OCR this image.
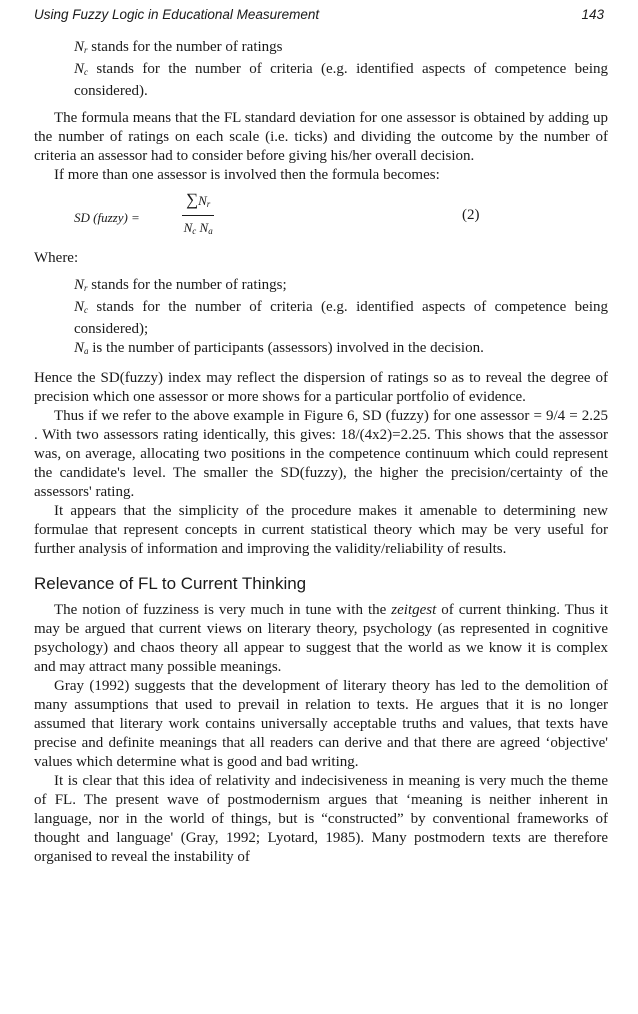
Using Fuzzy Logic in Educational Measurement	143
$N_r$ stands for the number of ratings
$N_c$ stands for the number of criteria (e.g. identified aspects of competence being considered).

The formula means that the FL standard deviation for one assessor is obtained by adding up the number of ratings on each scale (i.e. ticks) and dividing the outcome by the number of criteria an assessor had to consider before giving his/her overall decision.

If more than one assessor is involved then the formula becomes:

SD (fuzzy) = $\frac{\sum N_r}{N_c N_a}$	(2)

Where:

$N_r$ stands for the number of ratings;
$N_c$ stands for the number of criteria (e.g. identified aspects of competence being considered);
$N_a$ is the number of participants (assessors) involved in the decision.

Hence the SD(fuzzy) index may reflect the dispersion of ratings so as to reveal the degree of precision which one assessor or more shows for a particular portfolio of evidence.

Thus if we refer to the above example in Figure 6, SD (fuzzy) for one assessor = 9/4 = 2.25 . With two assessors rating identically, this gives: 18/(4x2)=2.25. This shows that the assessor was, on average, allocating two positions in the competence continuum which could represent the candidate's level. The smaller the SD(fuzzy), the higher the precision/certainty of the assessors' rating.

It appears that the simplicity of the procedure makes it amenable to determining new formulae that represent concepts in current statistical theory which may be very useful for further analysis of information and improving the validity/reliability of results.

Relevance of FL to Current Thinking

The notion of fuzziness is very much in tune with the zeitgest of current thinking. Thus it may be argued that current views on literary theory, psychology (as represented in cognitive psychology) and chaos theory all appear to suggest that the world as we know it is complex and may attract many possible meanings.

Gray (1992) suggests that the development of literary theory has led to the demolition of many assumptions that used to prevail in relation to texts. He argues that it is no longer assumed that literary work contains universally acceptable truths and values, that texts have precise and definite meanings that all readers can derive and that there are agreed ‘objective' values which determine what is good and bad writing.

It is clear that this idea of relativity and indecisiveness in meaning is very much the theme of FL. The present wave of postmodernism argues that ‘meaning is neither inherent in language, nor in the world of things, but is “constructed” by conventional frameworks of thought and language' (Gray, 1992; Lyotard, 1985). Many postmodern texts are therefore organised to reveal the instability of
